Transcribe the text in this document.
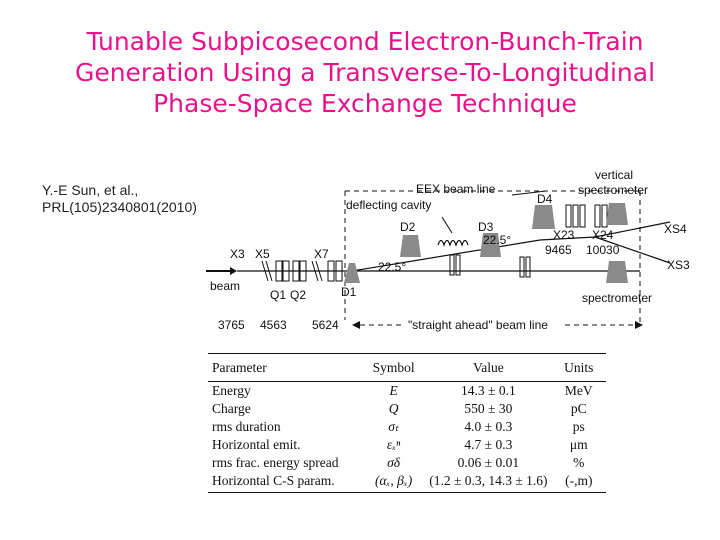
Tunable Subpicosecond Electron-Bunch-Train
Generation Using a Transverse-To-Longitudinal
Phase-Space Exchange Technique
Y.-E Sun, et al.,
PRL(105)2340801(2010)
EEX beam line
deflecting cavity
vertical
spectrometer
spectrometer
X3 X5	X7
beam
Q1 Q2	D1
D2	D3
D4
X23 X24	XS4
XS3
22.5°
22.5°
3765 4563 5624
9465 10030
"straight ahead" beam line
Parameter	Symbol	Value	Units
Energy	E	14.3 ± 0.1	MeV
Charge	Q	550 ± 30	pC
rms duration	σₜ	4.0 ± 0.3	ps
Horizontal emit.	εₓⁿ	4.7 ± 0.3	μm
rms frac. energy spread	σδ	0.06 ± 0.01	%
Horizontal C-S param.	(αₓ, βₓ)	(1.2 ± 0.3, 14.3 ± 1.6)	(-,m)
